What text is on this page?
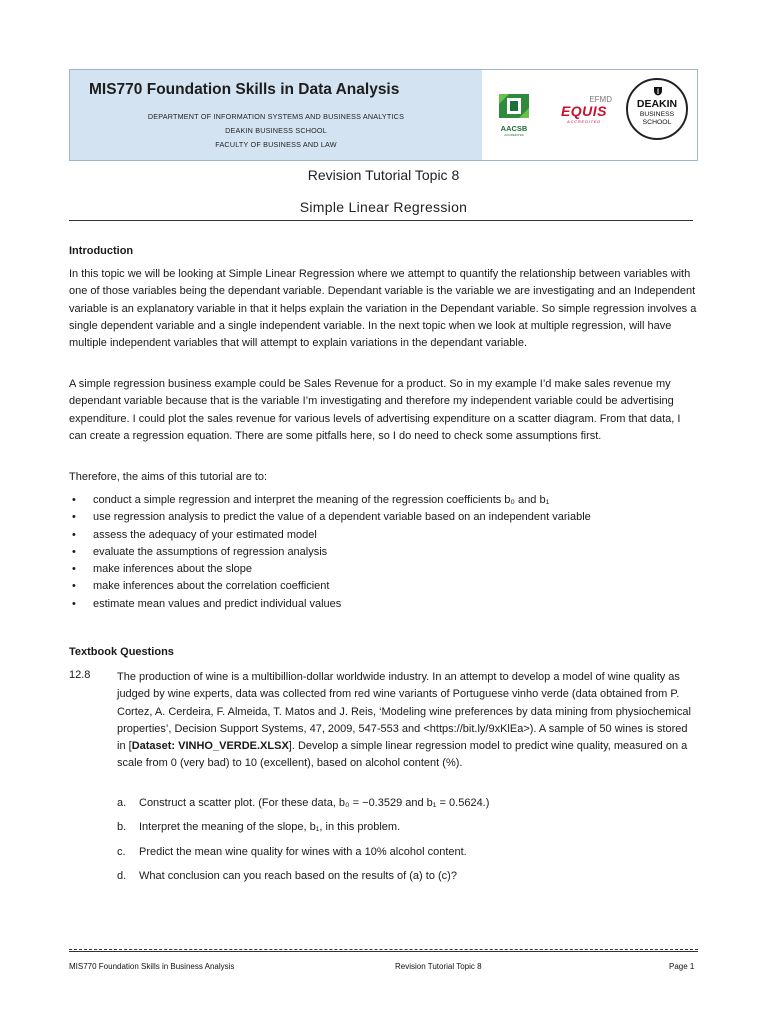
MIS770 Foundation Skills in Data Analysis
DEPARTMENT OF INFORMATION SYSTEMS AND BUSINESS ANALYTICS
DEAKIN BUSINESS SCHOOL
FACULTY OF BUSINESS AND LAW
AACSB
ACCREDITED
EFMD
EQUIS
ACCREDITED
DEAKIN
BUSINESS
SCHOOL
Revision Tutorial Topic 8
Simple Linear Regression
Introduction
In this topic we will be looking at Simple Linear Regression where we attempt to quantify the relationship between variables with one of those variables being the dependant variable. Dependant variable is the variable we are investigating and an Independent variable is an explanatory variable in that it helps explain the variation in the Dependant variable. So simple regression involves a single dependent variable and a single independent variable. In the next topic when we look at multiple regression, will have multiple independent variables that will attempt to explain variations in the dependant variable.
A simple regression business example could be Sales Revenue for a product. So in my example I’d make sales revenue my dependant variable because that is the variable I’m investigating and therefore my independent variable could be advertising expenditure. I could plot the sales revenue for various levels of advertising expenditure on a scatter diagram. From that data, I can create a regression equation. There are some pitfalls here, so I do need to check some assumptions first.
Therefore, the aims of this tutorial are to:
• conduct a simple regression and interpret the meaning of the regression coefficients b₀ and b₁
• use regression analysis to predict the value of a dependent variable based on an independent variable
• assess the adequacy of your estimated model
• evaluate the assumptions of regression analysis
• make inferences about the slope
• make inferences about the correlation coefficient
• estimate mean values and predict individual values
Textbook Questions
12.8 The production of wine is a multibillion-dollar worldwide industry. In an attempt to develop a model of wine quality as judged by wine experts, data was collected from red wine variants of Portuguese vinho verde (data obtained from P. Cortez, A. Cerdeira, F. Almeida, T. Matos and J. Reis, ‘Modeling wine preferences by data mining from physiochemical properties’, Decision Support Systems, 47, 2009, 547-553 and <https://bit.ly/9xKlEa>). A sample of 50 wines is stored in [Dataset: VINHO_VERDE.XLSX]. Develop a simple linear regression model to predict wine quality, measured on a scale from 0 (very bad) to 10 (excellent), based on alcohol content (%).
a. Construct a scatter plot. (For these data, b₀ = −0.3529 and b₁ = 0.5624.)
b. Interpret the meaning of the slope, b₁, in this problem.
c. Predict the mean wine quality for wines with a 10% alcohol content.
d. What conclusion can you reach based on the results of (a) to (c)?
MIS770 Foundation Skills in Business Analysis	Revision Tutorial Topic 8	Page 1
